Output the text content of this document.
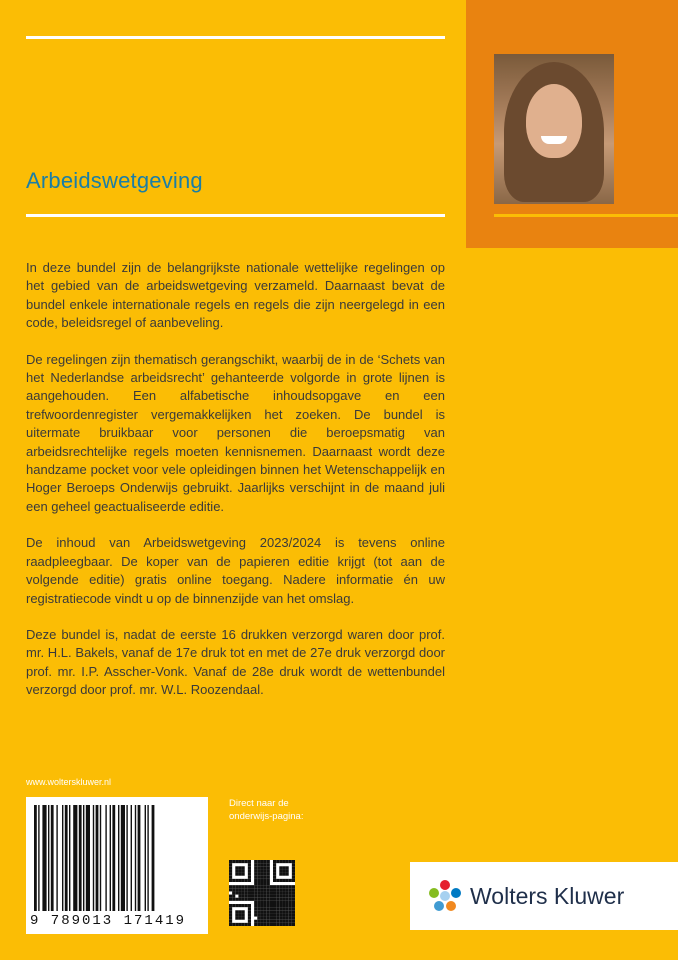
Arbeidswetgeving

In deze bundel zijn de belangrijkste nationale wettelijke regelingen op het gebied van de arbeidswetgeving verzameld. Daarnaast bevat de bundel enkele internationale regels en regels die zijn neergelegd in een code, beleidsregel of aanbeveling.

De regelingen zijn thematisch gerangschikt, waarbij de in de ‘Schets van het Nederlandse arbeidsrecht’ gehanteerde volgorde in grote lijnen is aangehouden. Een alfabetische inhoudsopgave en een trefwoordenregister vergemakkelijken het zoeken. De bundel is uitermate bruikbaar voor personen die beroepsmatig van arbeidsrechtelijke regels moeten kennisnemen. Daarnaast wordt deze handzame pocket voor vele opleidingen binnen het Wetenschappelijk en Hoger Beroeps Onderwijs gebruikt. Jaarlijks verschijnt in de maand juli een geheel geactualiseerde editie.

De inhoud van Arbeidswetgeving 2023/2024 is tevens online raadpleegbaar. De koper van de papieren editie krijgt (tot aan de volgende editie) gratis online toegang. Nadere informatie én uw registratiecode vindt u op de binnenzijde van het omslag.

Deze bundel is, nadat de eerste 16 drukken verzorgd waren door prof. mr. H.L. Bakels, vanaf de 17e druk tot en met de 27e druk verzorgd door prof. mr. I.P. Asscher-Vonk. Vanaf de 28e druk wordt de wettenbundel verzorgd door prof. mr. W.L. Roozendaal.

www.wolterskluwer.nl
9 789013 171419
Direct naar de onderwijs-pagina:
Wolters Kluwer
